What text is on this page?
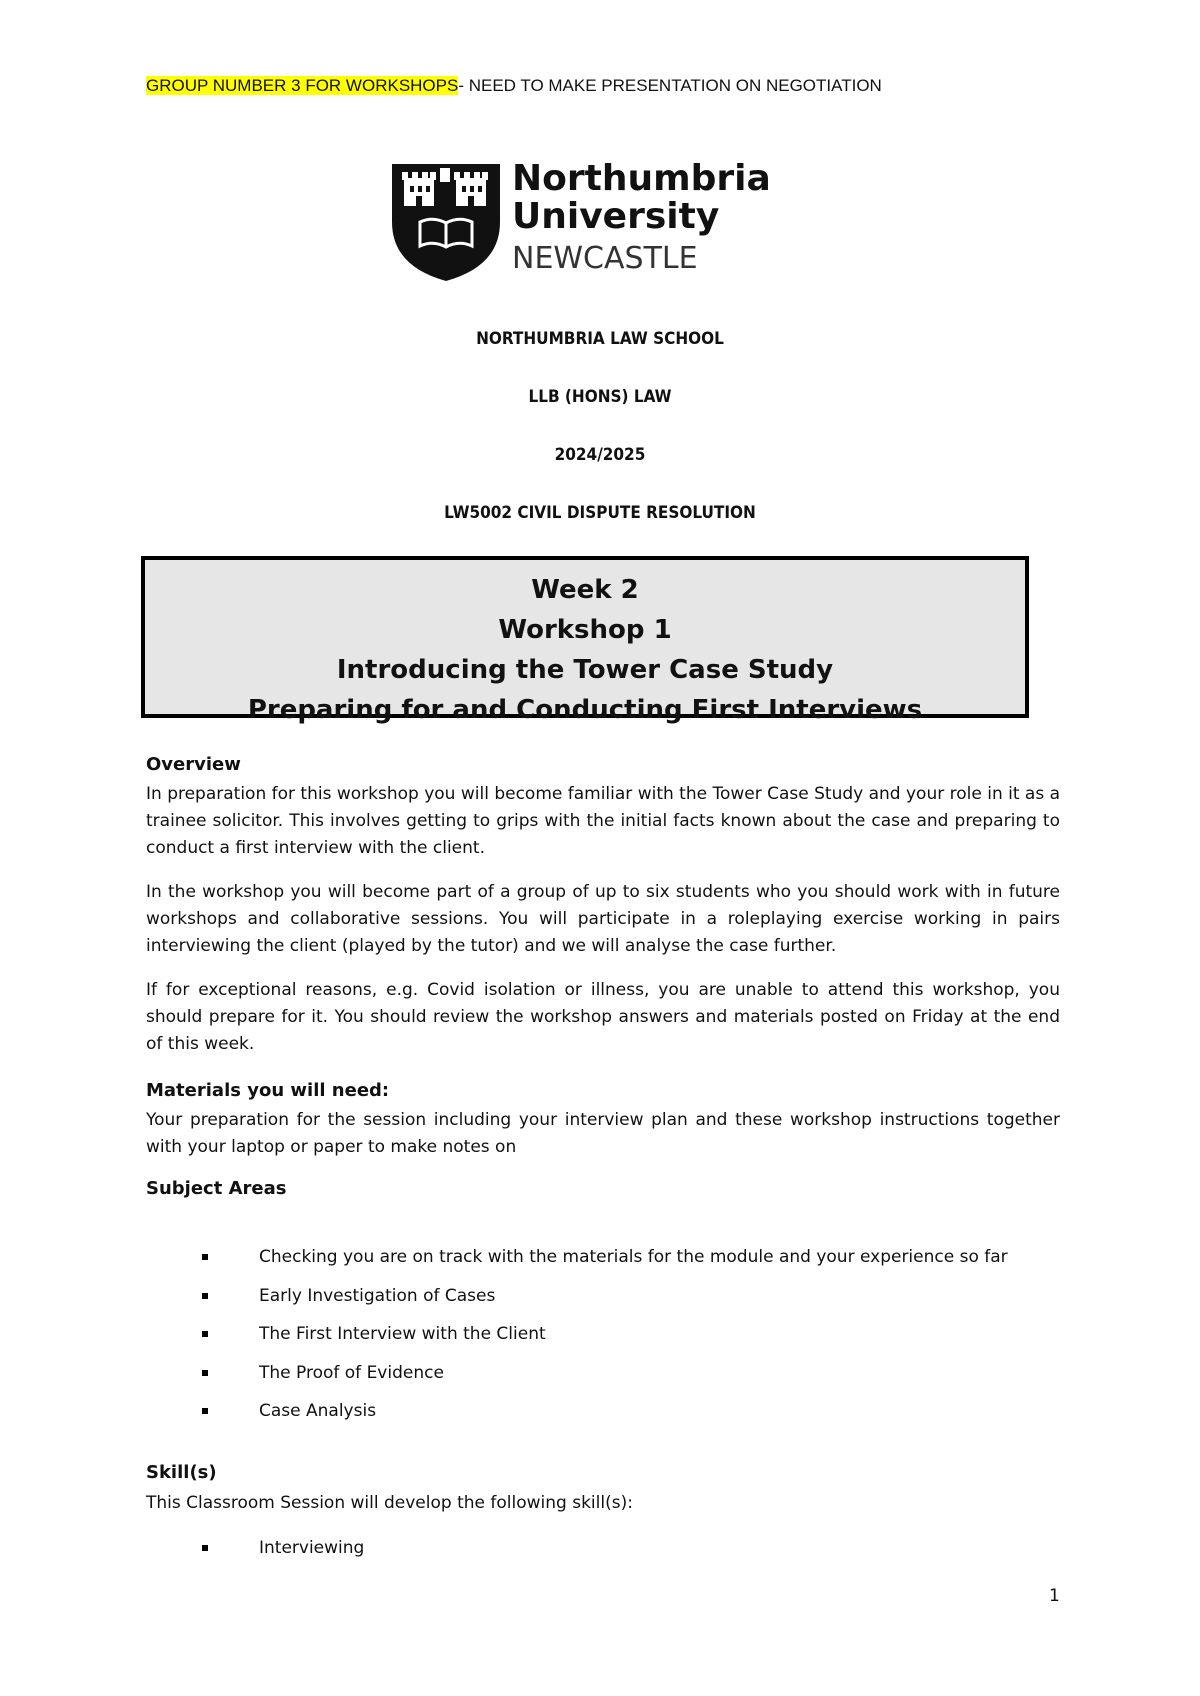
GROUP NUMBER 3 FOR WORKSHOPS- NEED TO MAKE PRESENTATION ON NEGOTIATION
Northumbria
University
NEWCASTLE
NORTHUMBRIA LAW SCHOOL
LLB (HONS) LAW
2024/2025
LW5002 CIVIL DISPUTE RESOLUTION
Week 2
Workshop 1
Introducing the Tower Case Study
Preparing for and Conducting First Interviews
Overview
In preparation for this workshop you will become familiar with the Tower Case Study and your role in it as a trainee solicitor. This involves getting to grips with the initial facts known about the case and preparing to conduct a first interview with the client.
In the workshop you will become part of a group of up to six students who you should work with in future workshops and collaborative sessions. You will participate in a roleplaying exercise working in pairs interviewing the client (played by the tutor) and we will analyse the case further.
If for exceptional reasons, e.g. Covid isolation or illness, you are unable to attend this workshop, you should prepare for it. You should review the workshop answers and materials posted on Friday at the end of this week.
Materials you will need:
Your preparation for the session including your interview plan and these workshop instructions together with your laptop or paper to make notes on
Subject Areas
Checking you are on track with the materials for the module and your experience so far
Early Investigation of Cases
The First Interview with the Client
The Proof of Evidence
Case Analysis
Skill(s)
This Classroom Session will develop the following skill(s):
Interviewing
1
